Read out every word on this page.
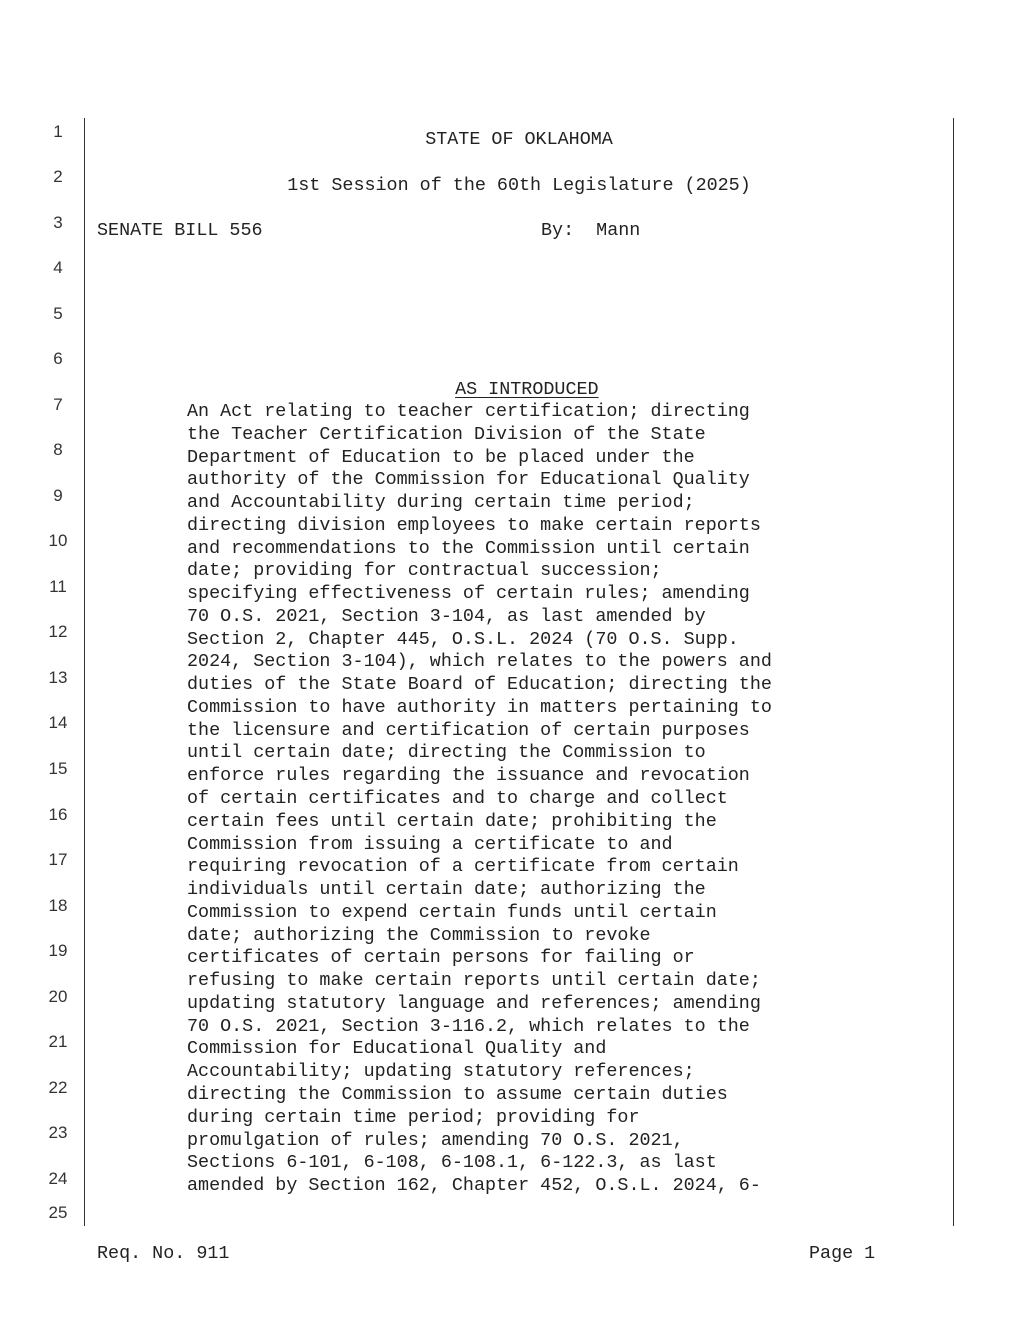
1
2
3
4
5
6
7
8
9
10
11
12
13
14
15
16
17
18
19
20
21
22
23
24
25
STATE OF OKLAHOMA
1st Session of the 60th Legislature (2025)
SENATE BILL 556	By:  Mann

AS INTRODUCED

An Act relating to teacher certification; directing
the Teacher Certification Division of the State
Department of Education to be placed under the
authority of the Commission for Educational Quality
and Accountability during certain time period;
directing division employees to make certain reports
and recommendations to the Commission until certain
date; providing for contractual succession;
specifying effectiveness of certain rules; amending
70 O.S. 2021, Section 3-104, as last amended by
Section 2, Chapter 445, O.S.L. 2024 (70 O.S. Supp.
2024, Section 3-104), which relates to the powers and
duties of the State Board of Education; directing the
Commission to have authority in matters pertaining to
the licensure and certification of certain purposes
until certain date; directing the Commission to
enforce rules regarding the issuance and revocation
of certain certificates and to charge and collect
certain fees until certain date; prohibiting the
Commission from issuing a certificate to and
requiring revocation of a certificate from certain
individuals until certain date; authorizing the
Commission to expend certain funds until certain
date; authorizing the Commission to revoke
certificates of certain persons for failing or
refusing to make certain reports until certain date;
updating statutory language and references; amending
70 O.S. 2021, Section 3-116.2, which relates to the
Commission for Educational Quality and
Accountability; updating statutory references;
directing the Commission to assume certain duties
during certain time period; providing for
promulgation of rules; amending 70 O.S. 2021,
Sections 6-101, 6-108, 6-108.1, 6-122.3, as last
amended by Section 162, Chapter 452, O.S.L. 2024, 6-
Req. No. 911	Page 1
